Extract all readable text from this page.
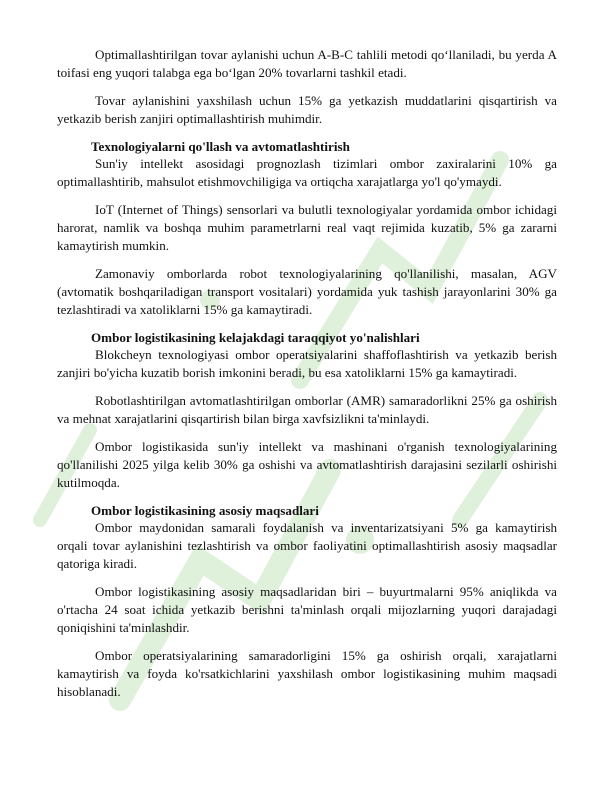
Optimallashtirilgan tovar aylanishi uchun A-B-C tahlili metodi qo‘llaniladi, bu yerda A toifasi eng yuqori talabga ega bo‘lgan 20% tovarlarni tashkil etadi.

Tovar aylanishini yaxshilash uchun 15% ga yetkazish muddatlarini qisqartirish va yetkazib berish zanjiri optimallashtirish muhimdir.

Texnologiyalarni qo'llash va avtomatlashtirish

Sun'iy intellekt asosidagi prognozlash tizimlari ombor zaxiralarini 10% ga optimallashtirib, mahsulot etishmovchiligiga va ortiqcha xarajatlarga yo'l qo'ymaydi.

IoT (Internet of Things) sensorlari va bulutli texnologiyalar yordamida ombor ichidagi harorat, namlik va boshqa muhim parametrlarni real vaqt rejimida kuzatib, 5% ga zararni kamaytirish mumkin.

Zamonaviy omborlarda robot texnologiyalarining qo'llanilishi, masalan, AGV (avtomatik boshqariladigan transport vositalari) yordamida yuk tashish jarayonlarini 30% ga tezlashtiradi va xatoliklarni 15% ga kamaytiradi.

Ombor logistikasining kelajakdagi taraqqiyot yo'nalishlari

Blokcheyn texnologiyasi ombor operatsiyalarini shaffoflashtirish va yetkazib berish zanjiri bo'yicha kuzatib borish imkonini beradi, bu esa xatoliklarni 15% ga kamaytiradi.

Robotlashtirilgan avtomatlashtirilgan omborlar (AMR) samaradorlikni 25% ga oshirish va mehnat xarajatlarini qisqartirish bilan birga xavfsizlikni ta'minlaydi.

Ombor logistikasida sun'iy intellekt va mashinani o'rganish texnologiyalarining qo'llanilishi 2025 yilga kelib 30% ga oshishi va avtomatlashtirish darajasini sezilarli oshirishi kutilmoqda.

Ombor logistikasining asosiy maqsadlari

Ombor maydonidan samarali foydalanish va inventarizatsiyani 5% ga kamaytirish orqali tovar aylanishini tezlashtirish va ombor faoliyatini optimallashtirish asosiy maqsadlar qatoriga kiradi.

Ombor logistikasining asosiy maqsadlaridan biri – buyurtmalarni 95% aniqlikda va o'rtacha 24 soat ichida yetkazib berishni ta'minlash orqali mijozlarning yuqori darajadagi qoniqishini ta'minlashdir.

Ombor operatsiyalarining samaradorligini 15% ga oshirish orqali, xarajatlarni kamaytirish va foyda ko'rsatkichlarini yaxshilash ombor logistikasining muhim maqsadi hisoblanadi.
